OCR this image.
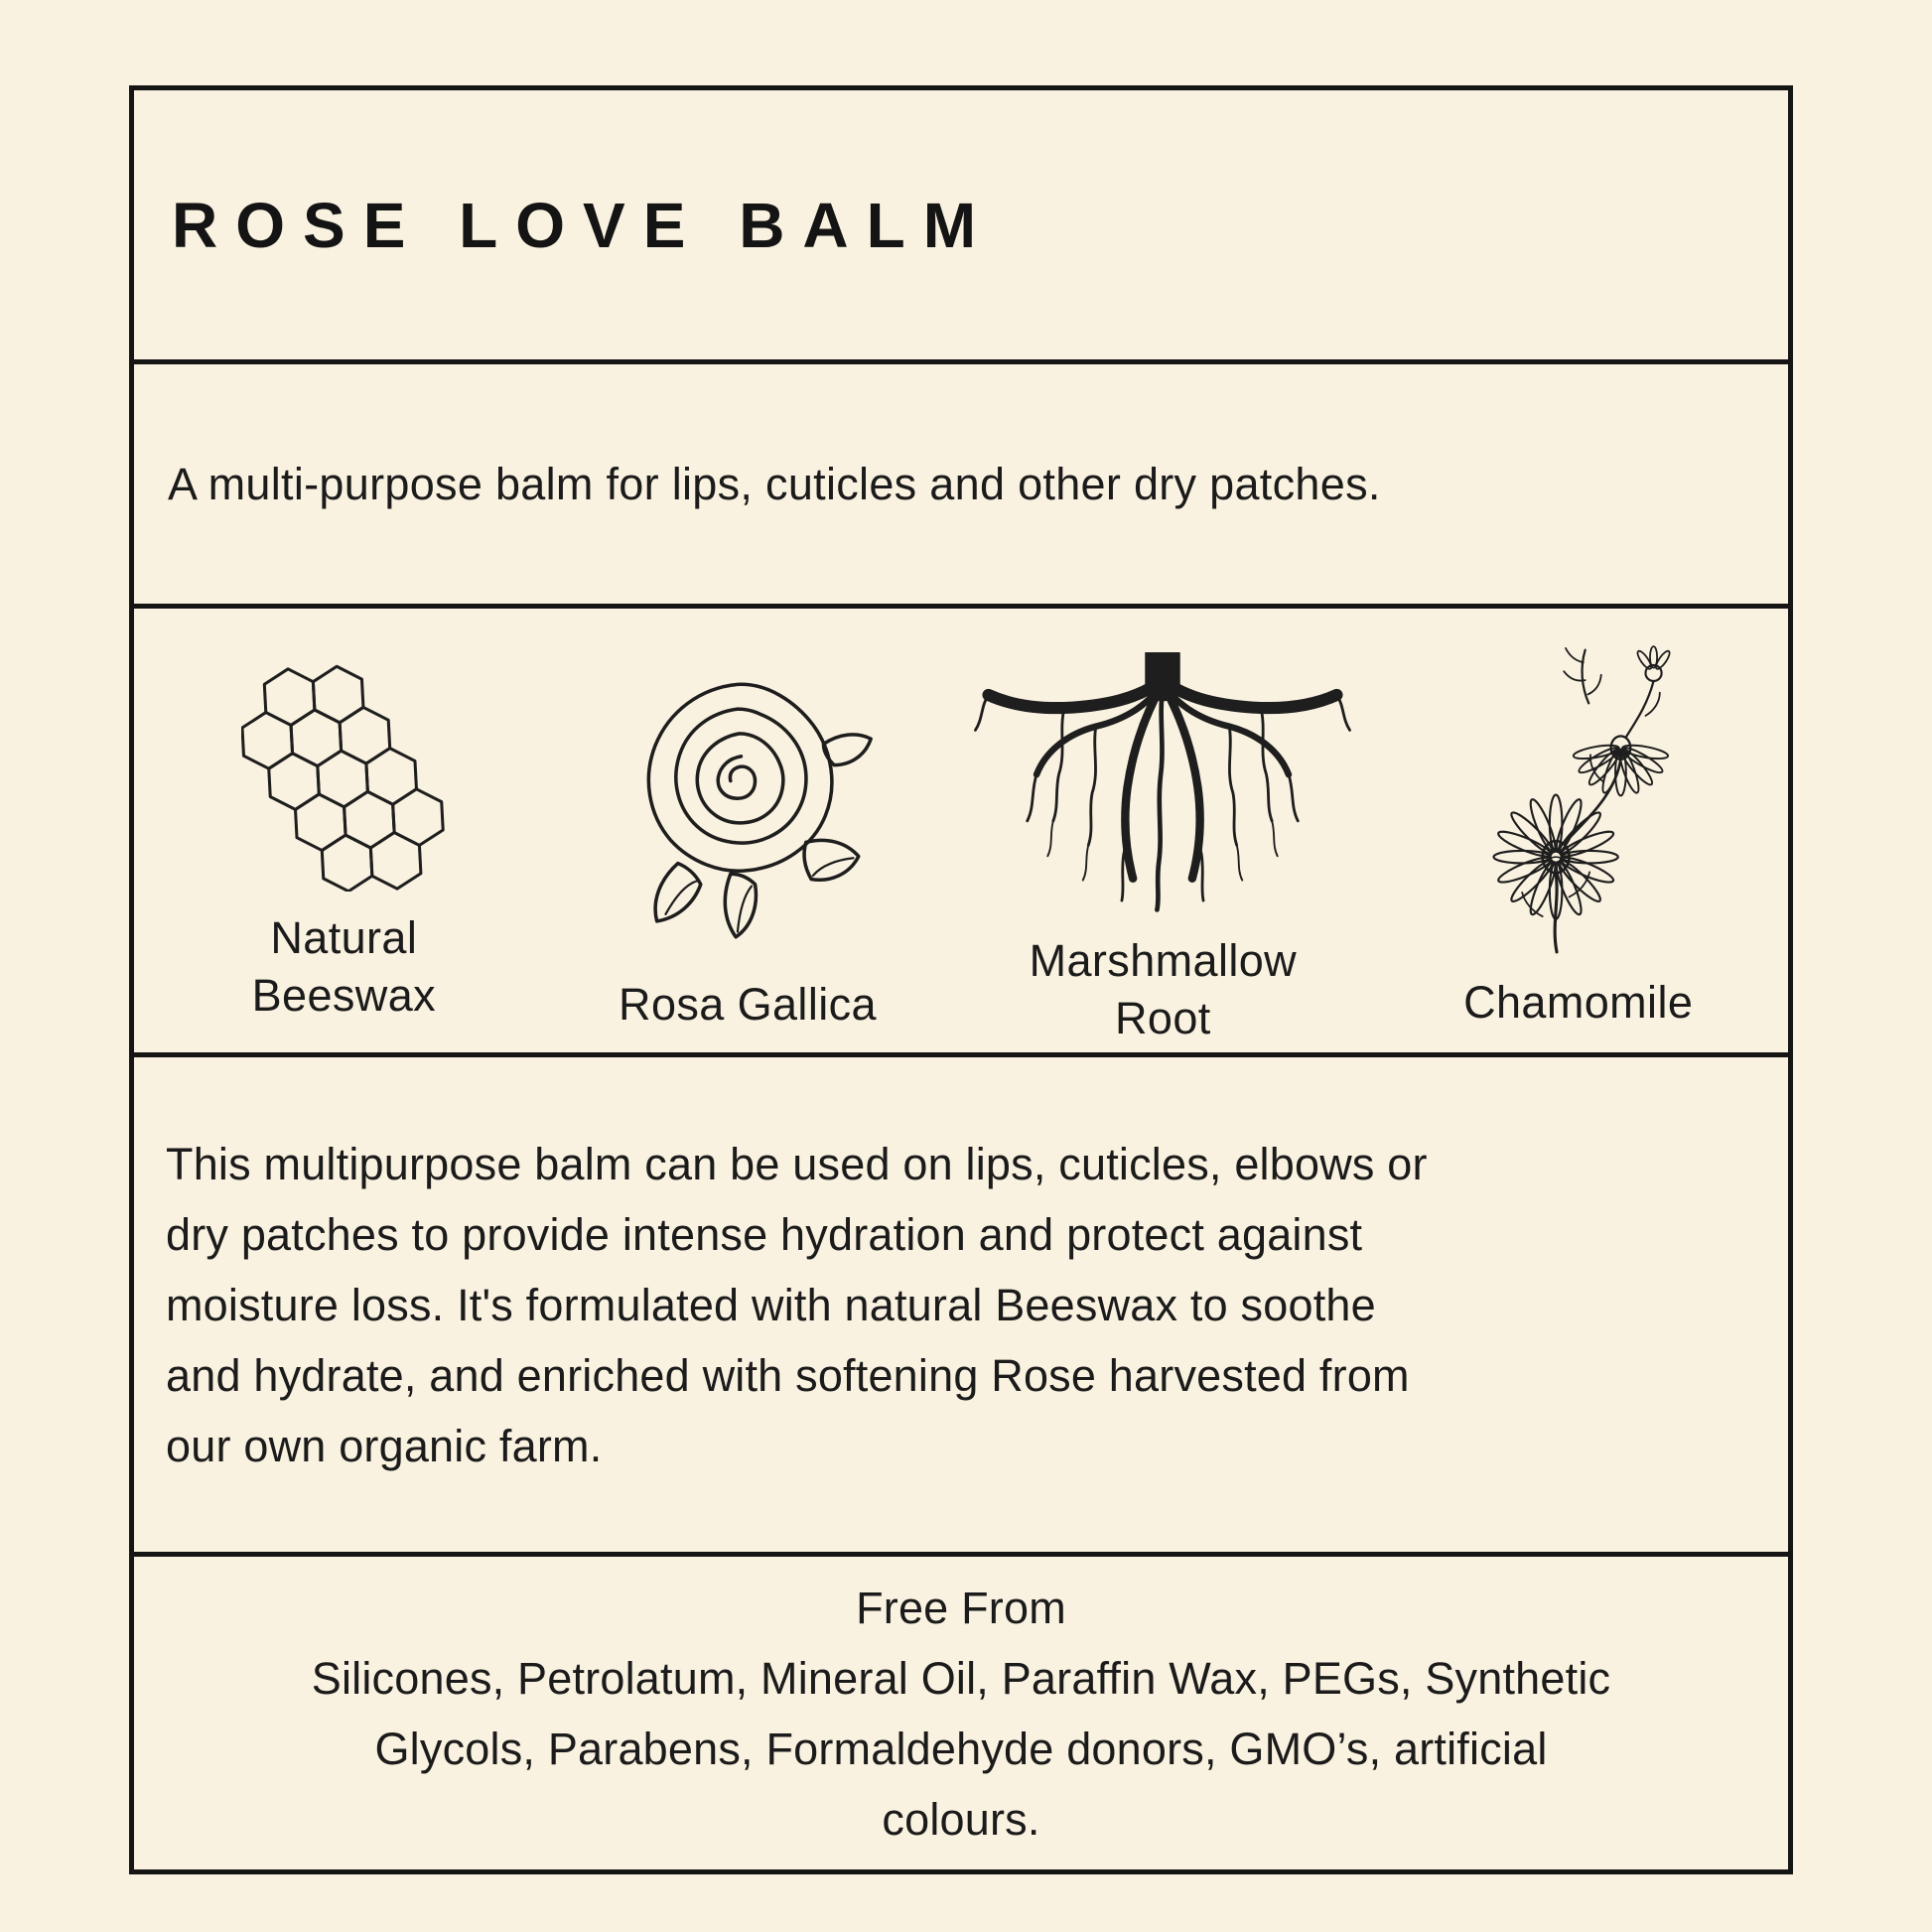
ROSE LOVE BALM

A multi-purpose balm for lips, cuticles and other dry patches.

Natural
Beeswax	Rosa Gallica
Marshmallow
Root	Chamomile
This multipurpose balm can be used on lips, cuticles, elbows or
dry patches to provide intense hydration and protect against
moisture loss. It's formulated with natural Beeswax to soothe
and hydrate, and enriched with softening Rose harvested from
our own organic farm.
Free From
Silicones, Petrolatum, Mineral Oil, Paraffin Wax, PEGs, Synthetic
Glycols, Parabens, Formaldehyde donors, GMO’s, artificial
colours.
